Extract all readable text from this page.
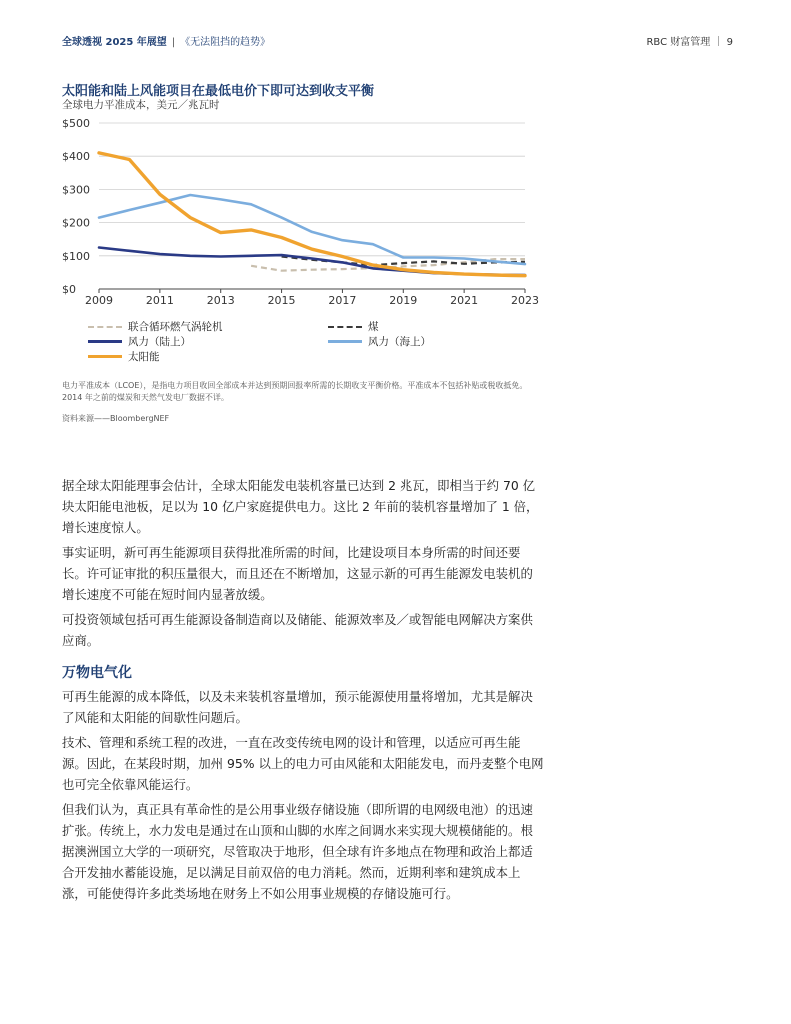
全球透视 2025 年展望 | 《无法阻挡的趋势》	RBC 财富管理 ｜ 9
太阳能和陆上风能项目在最低电价下即可达到收支平衡
全球电力平准成本，美元／兆瓦时
$0
$100
$200
$300
$400
$500
2009	2011	2013	2015	2017	2019	2021	2023
联合循环燃气涡轮机	煤
风力（陆上）	风力（海上）
太阳能
电力平准成本（LCOE），是指电力项目收回全部成本并达到预期回报率所需的长期收支平衡价格。平准成本不包括补贴或税收抵免。2014 年之前的煤炭和天然气发电厂数据不详。
资料来源——BloombergNEF

据全球太阳能理事会估计，全球太阳能发电装机容量已达到 2 兆瓦，即相当于约 70 亿块太阳能电池板，足以为 10 亿户家庭提供电力。这比 2 年前的装机容量增加了 1 倍，增长速度惊人。

事实证明，新可再生能源项目获得批准所需的时间，比建设项目本身所需的时间还要长。许可证审批的积压量很大，而且还在不断增加，这显示新的可再生能源发电装机的增长速度不可能在短时间内显著放缓。

可投资领域包括可再生能源设备制造商以及储能、能源效率及／或智能电网解决方案供应商。

万物电气化

可再生能源的成本降低，以及未来装机容量增加，预示能源使用量将增加，尤其是解决了风能和太阳能的间歇性问题后。

技术、管理和系统工程的改进，一直在改变传统电网的设计和管理，以适应可再生能源。因此，在某段时期，加州 95% 以上的电力可由风能和太阳能发电，而丹麦整个电网也可完全依靠风能运行。

但我们认为，真正具有革命性的是公用事业级存储设施（即所谓的电网级电池）的迅速扩张。传统上，水力发电是通过在山顶和山脚的水库之间调水来实现大规模储能的。根据澳洲国立大学的一项研究，尽管取决于地形，但全球有许多地点在物理和政治上都适合开发抽水蓄能设施，足以满足目前双倍的电力消耗。然而，近期利率和建筑成本上涨，可能使得许多此类场地在财务上不如公用事业规模的存储设施可行。
